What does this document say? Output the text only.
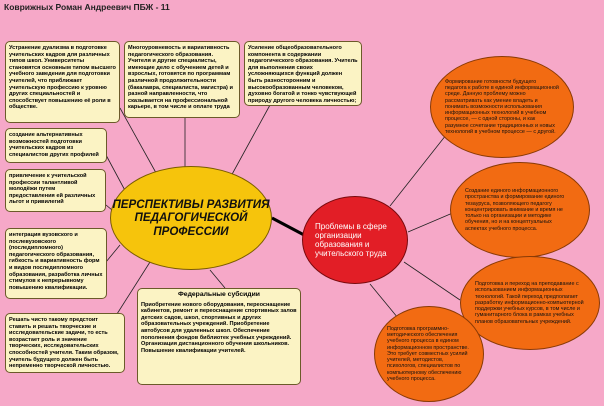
Коврижных Роман Андреевич ПБЖ - 11
Устранение дуализма в подготовке учительских кадров для различных типов школ. Университеты становятся основным типом высшего учебного заведения для подготовки учителей, что приближает учительскую профессию к уровню других специальностей и способствует повышению её роли в обществе.
Многоуровневость и вариативность педагогического образования. Учителя и другие специалисты, имеющие дело с обучением детей и взрослых, готовятся по программам различной продолжительности (бакалавра, специалиста, магистра) и разной направленности, что сказывается на профессиональной карьере, в том числе и оплате труда
Усиление общеобразовательного компонента в содержании педагогического образования. Учитель для выполнения своих усложняющихся функций должен быть разносторонним и высокообразованным человеком, духовно богатой и тонко чувствующей природу другого человека личностью;
создание альтернативных возможностей подготовки учительских кадров из специалистов других профилей
привлечение к учительской профессии талантливой молодёжи путем предоставления ей различных льгот и привилегий
интеграция вузовского и послевузовского (последипломного) педагогического образования, гибкость и вариативность форм и видов последипломного образования, разработка личных стимулов к непрерывному повышению квалификации.
Решать чисто такому предстоит ставить и решать творческие и исследовательские задачи, то есть возрастает роль и значение творческих, исследовательских способностей учителя. Таким образом, учитель будущего должен быть непременно творческой личностью.
Федеральные субсидии
Приобретение нового оборудования, переоснащение кабинетов, ремонт и переоснащение спортивных залов детских садов, школ, спортивных и других образовательных учреждений. Приобретение автобусов для удаленных школ. Обеспечение пополнения фондов библиотек учебных учреждений. Организация дистанционного обучения школьников. Повышение квалификации учителей.
ПЕРСПЕКТИВЫ РАЗВИТИЯ ПЕДАГОГИЧЕСКОЙ ПРОФЕССИИ	Проблемы в сфере организации образования и учительского труда
Формирование готовности будущего педагога к работе в единой информационной среде. Данную проблему можно рассматривать как умение владеть и понимать возможности использования информационных технологий в учебном процессе, — с одной стороны, и как разумное сочетание традиционных и новых технологий в учебном процессе — с другой.
Создание единого информационного пространства и формирование единого тезауруса, позволяющего педагогу концентрировать внимание и время не только на организации и методике обучения, но и на концептуальных аспектах учебного процесса.
Подготовка и переход на преподавание с использованием информационных технологий. Такой переход предполагает разработку информационно-компьютерной поддержки учебных курсов, в том числе и гуманитарного блока в рамках учебных планов образовательных учреждений.
Подготовка программно-методического обеспечения учебного процесса в едином информационном пространстве. Это требует совместных усилий учителей, методистов, психологов, специалистов по компьютерному обеспечению учебного процесса.
